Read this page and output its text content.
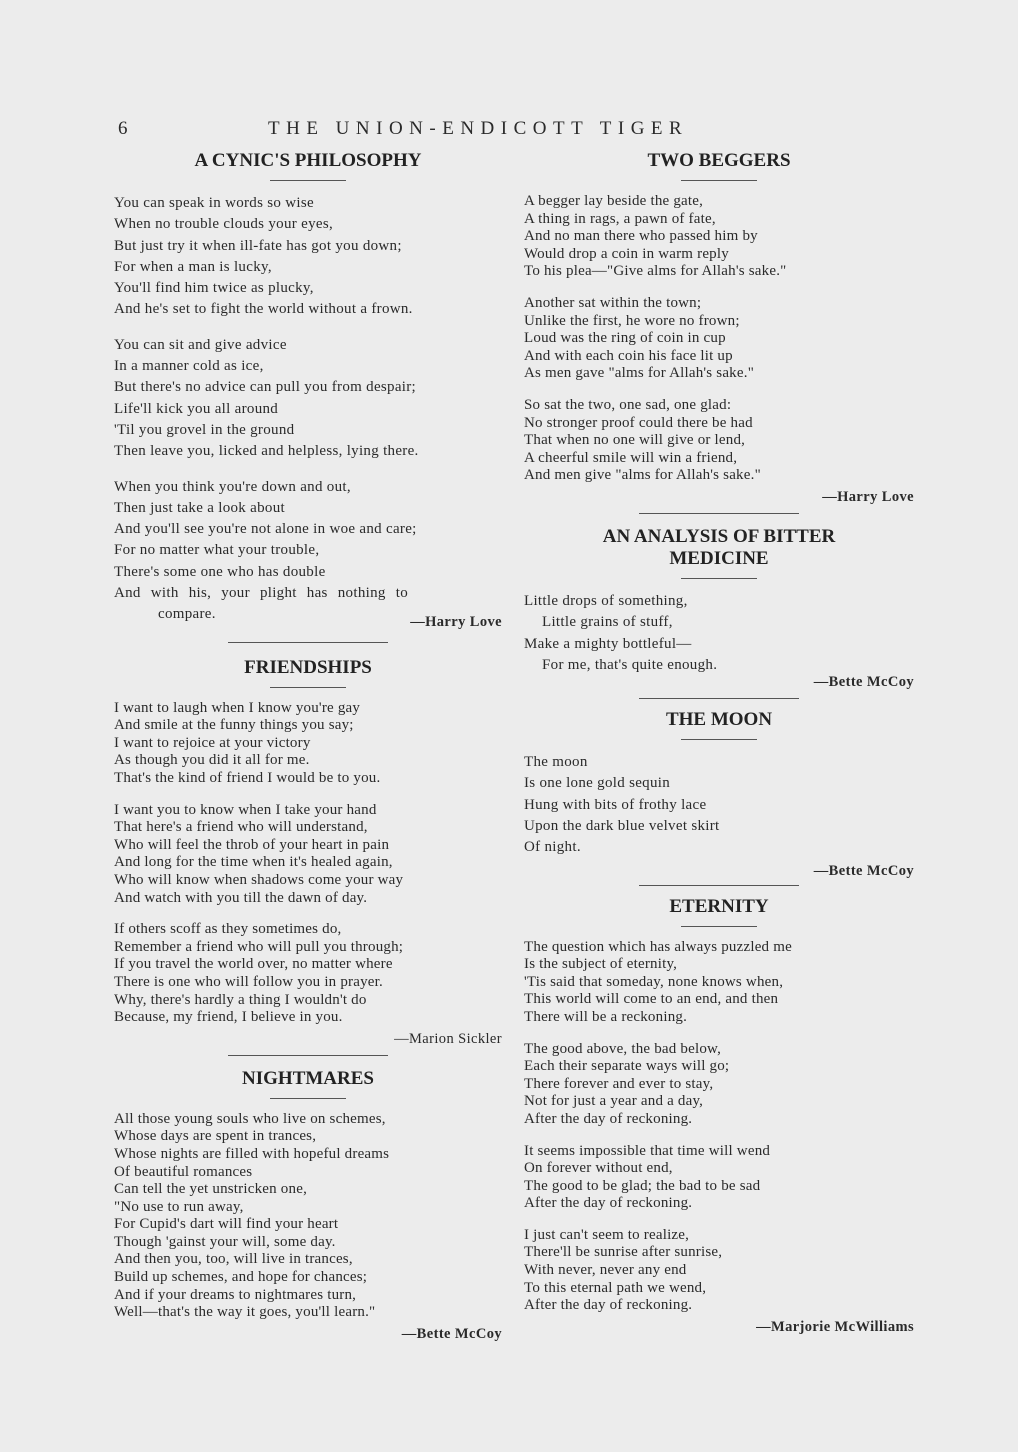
6	THE UNION-ENDICOTT TIGER
A CYNIC'S PHILOSOPHY
You can speak in words so wise
When no trouble clouds your eyes,
But just try it when ill-fate has got you down;
For when a man is lucky,
You'll find him twice as plucky,
And he's set to fight the world without a frown.
You can sit and give advice
In a manner cold as ice,
But there's no advice can pull you from despair;
Life'll kick you all around
'Til you grovel in the ground
Then leave you, licked and helpless, lying there.
When you think you're down and out,
Then just take a look about
And you'll see you're not alone in woe and care;
For no matter what your trouble,
There's some one who has double
And with his, your plight has nothing to
compare.	—Harry Love
FRIENDSHIPS
I want to laugh when I know you're gay
And smile at the funny things you say;
I want to rejoice at your victory
As though you did it all for me.
That's the kind of friend I would be to you.
I want you to know when I take your hand
That here's a friend who will understand,
Who will feel the throb of your heart in pain
And long for the time when it's healed again,
Who will know when shadows come your way
And watch with you till the dawn of day.
If others scoff as they sometimes do,
Remember a friend who will pull you through;
If you travel the world over, no matter where
There is one who will follow you in prayer.
Why, there's hardly a thing I wouldn't do
Because, my friend, I believe in you.
—Marion Sickler
NIGHTMARES
All those young souls who live on schemes,
Whose days are spent in trances,
Whose nights are filled with hopeful dreams
Of beautiful romances
Can tell the yet unstricken one,
"No use to run away,
For Cupid's dart will find your heart
Though 'gainst your will, some day.
And then you, too, will live in trances,
Build up schemes, and hope for chances;
And if your dreams to nightmares turn,
Well—that's the way it goes, you'll learn."
—Bette McCoy
TWO BEGGERS
A begger lay beside the gate,
A thing in rags, a pawn of fate,
And no man there who passed him by
Would drop a coin in warm reply
To his plea—"Give alms for Allah's sake."
Another sat within the town;
Unlike the first, he wore no frown;
Loud was the ring of coin in cup
And with each coin his face lit up
As men gave "alms for Allah's sake."
So sat the two, one sad, one glad:
No stronger proof could there be had
That when no one will give or lend,
A cheerful smile will win a friend,
And men give "alms for Allah's sake."
—Harry Love
AN ANALYSIS OF BITTER
MEDICINE
Little drops of something,
Little grains of stuff,
Make a mighty bottleful—
For me, that's quite enough.
—Bette McCoy
THE MOON
The moon
Is one lone gold sequin
Hung with bits of frothy lace
Upon the dark blue velvet skirt
Of night.
—Bette McCoy
ETERNITY
The question which has always puzzled me
Is the subject of eternity,
'Tis said that someday, none knows when,
This world will come to an end, and then
There will be a reckoning.
The good above, the bad below,
Each their separate ways will go;
There forever and ever to stay,
Not for just a year and a day,
After the day of reckoning.
It seems impossible that time will wend
On forever without end,
The good to be glad; the bad to be sad
After the day of reckoning.
I just can't seem to realize,
There'll be sunrise after sunrise,
With never, never any end
To this eternal path we wend,
After the day of reckoning.
—Marjorie McWilliams
